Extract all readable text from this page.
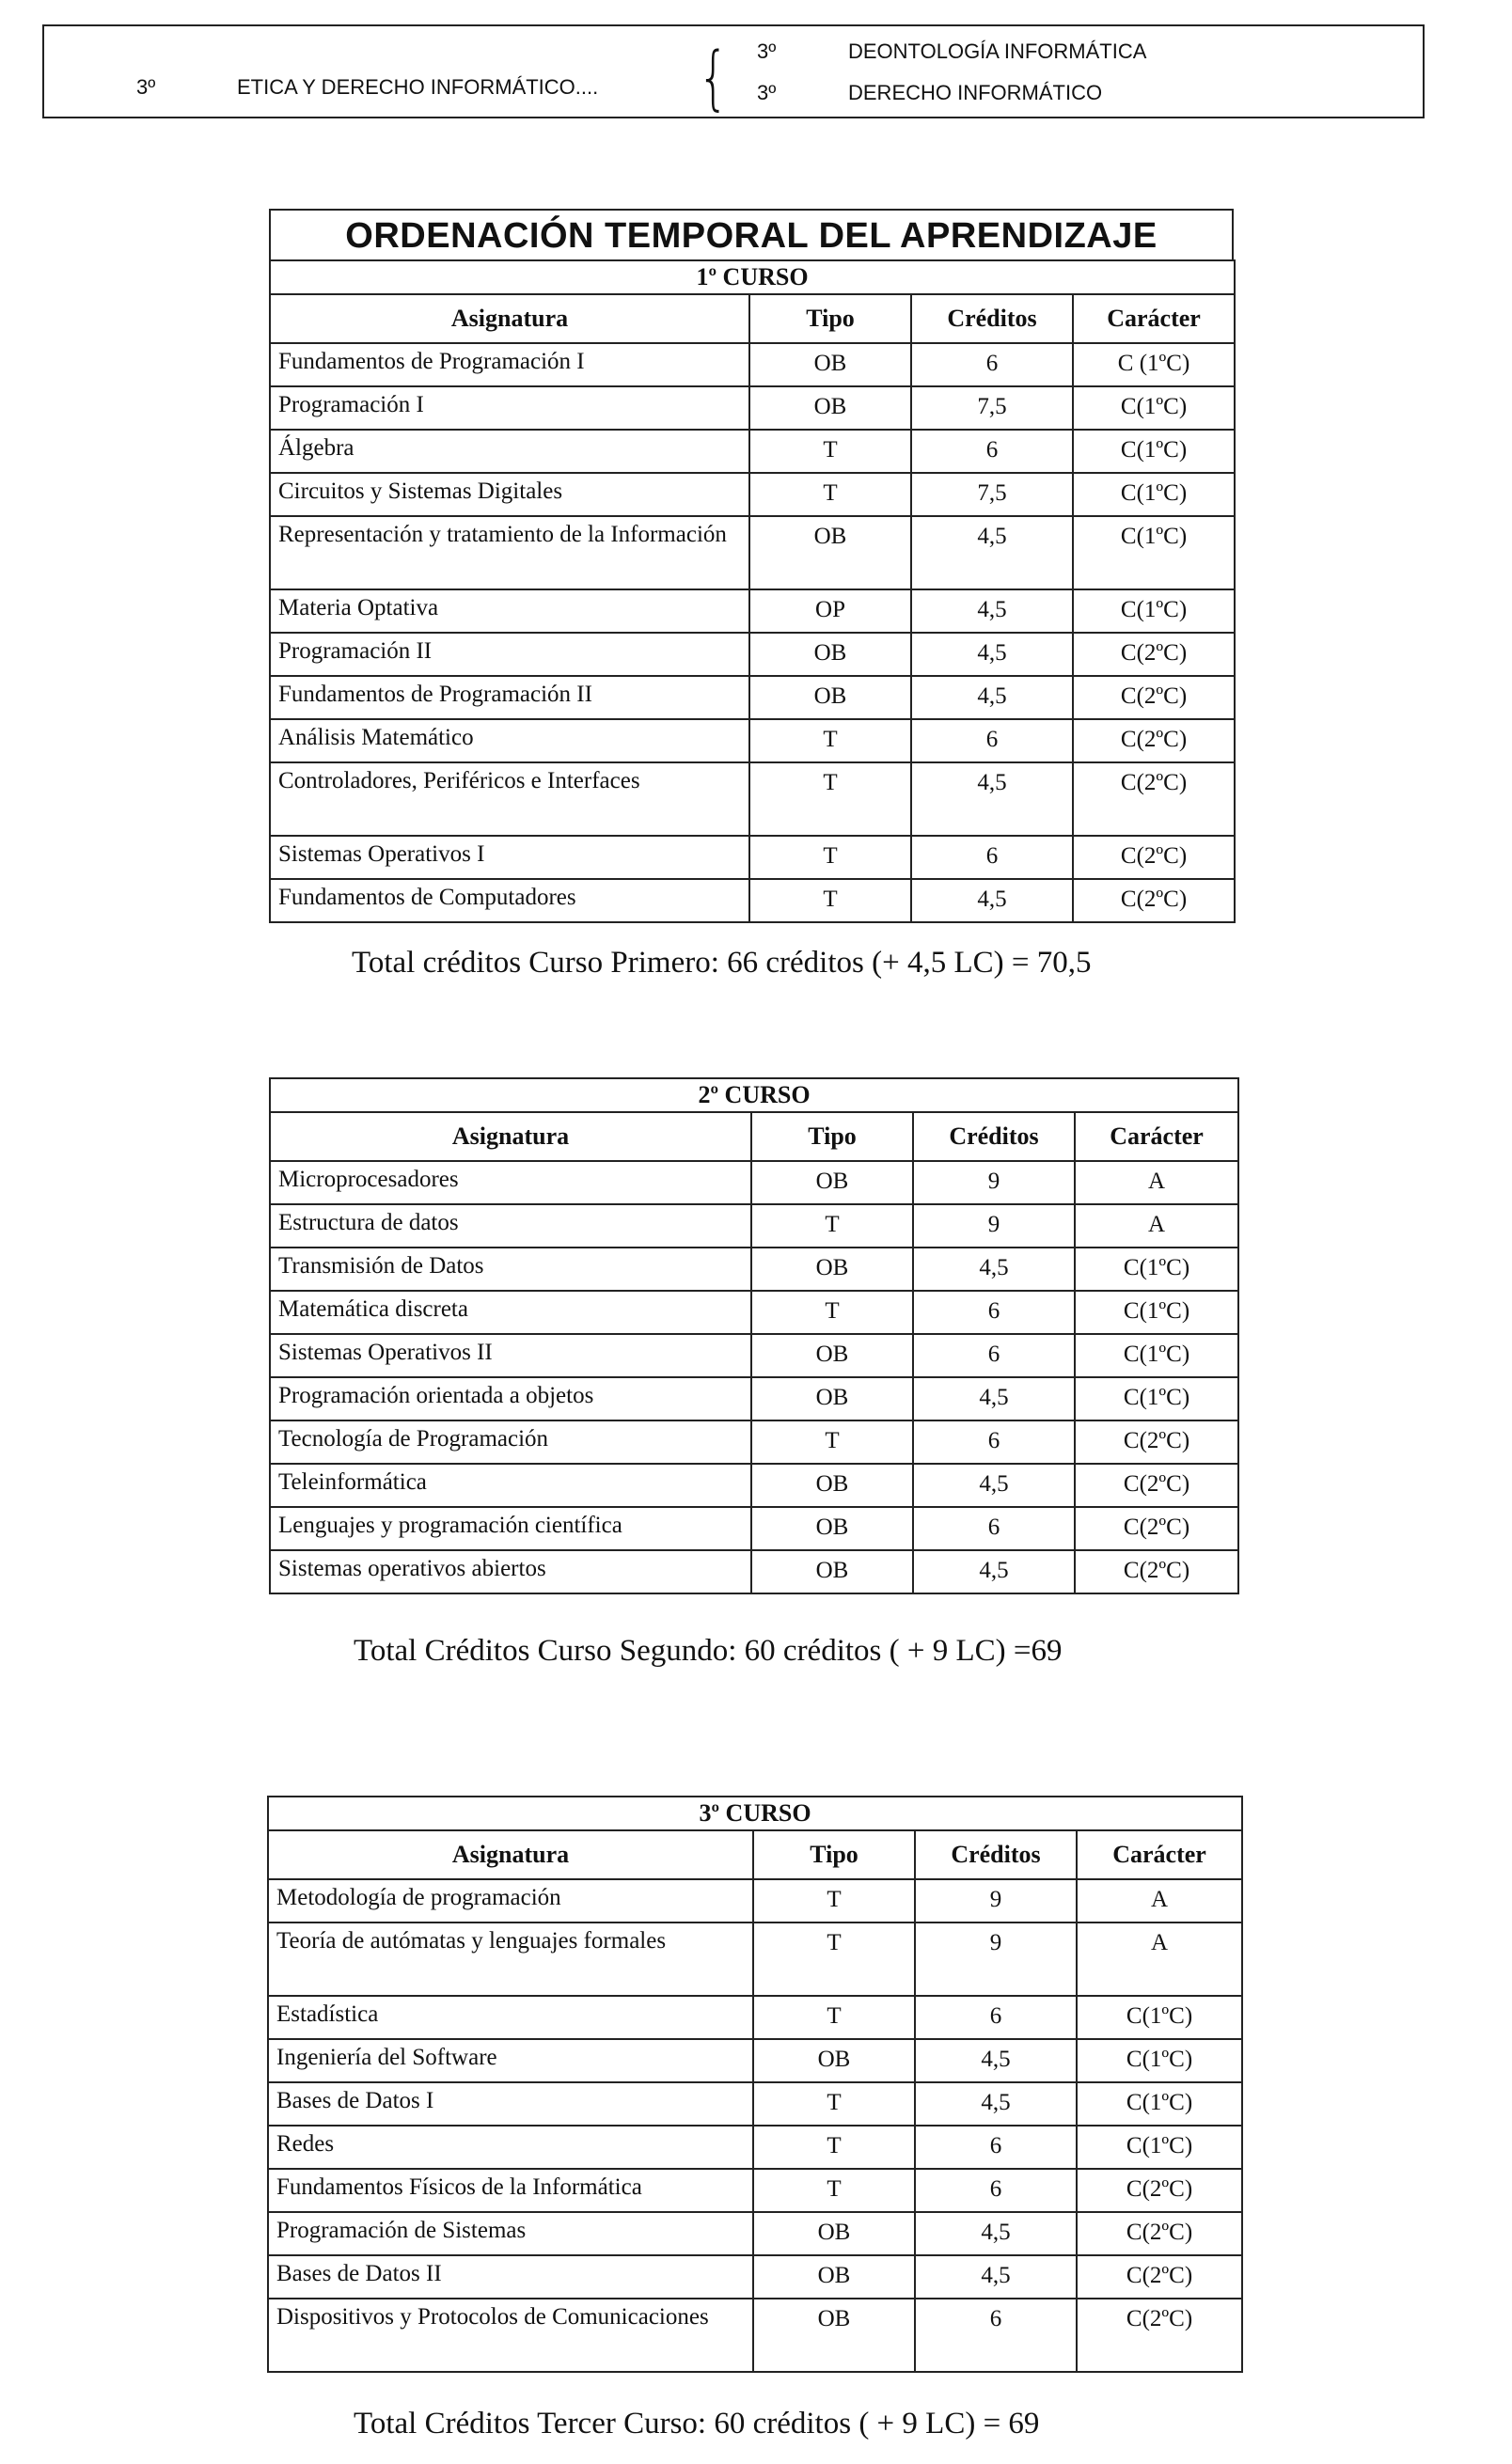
3º	ETICA Y DERECHO INFORMÁTICO.... { 3º	DEONTOLOGÍA INFORMÁTICA
3º	DERECHO INFORMÁTICO
ORDENACIÓN TEMPORAL DEL APRENDIZAJE
1º CURSO			
Asignatura	Tipo	Créditos	Carácter
Fundamentos de Programación I	OB	6	C (1ºC)
Programación I	OB	7,5	C(1ºC)
Álgebra	T	6	C(1ºC)
Circuitos y Sistemas Digitales	T	7,5	C(1ºC)
Representación y tratamiento de la Información	OB	4,5	C(1ºC)
Materia Optativa	OP	4,5	C(1ºC)
Programación II	OB	4,5	C(2ºC)
Fundamentos de Programación II	OB	4,5	C(2ºC)
Análisis Matemático	T	6	C(2ºC)
Controladores, Periféricos e Interfaces	T	4,5	C(2ºC)
Sistemas Operativos I	T	6	C(2ºC)
Fundamentos de Computadores	T	4,5	C(2ºC)
Total créditos Curso Primero: 66 créditos (+ 4,5 LC) = 70,5
2º CURSO			
Asignatura	Tipo	Créditos	Carácter
Microprocesadores	OB	9	A
Estructura de datos	T	9	A
Transmisión de Datos	OB	4,5	C(1ºC)
Matemática discreta	T	6	C(1ºC)
Sistemas Operativos II	OB	6	C(1ºC)
Programación orientada a objetos	OB	4,5	C(1ºC)
Tecnología de Programación	T	6	C(2ºC)
Teleinformática	OB	4,5	C(2ºC)
Lenguajes y programación científica	OB	6	C(2ºC)
Sistemas operativos abiertos	OB	4,5	C(2ºC)
Total Créditos Curso Segundo: 60 créditos ( + 9 LC) =69
3º CURSO			
Asignatura	Tipo	Créditos	Carácter
Metodología de programación	T	9	A
Teoría de autómatas y lenguajes formales	T	9	A
Estadística	T	6	C(1ºC)
Ingeniería del Software	OB	4,5	C(1ºC)
Bases de Datos I	T	4,5	C(1ºC)
Redes	T	6	C(1ºC)
Fundamentos Físicos de la Informática	T	6	C(2ºC)
Programación de Sistemas	OB	4,5	C(2ºC)
Bases de Datos II	OB	4,5	C(2ºC)
Dispositivos y Protocolos de Comunicaciones	OB	6	C(2ºC)
Total Créditos Tercer Curso: 60 créditos ( + 9 LC) = 69
